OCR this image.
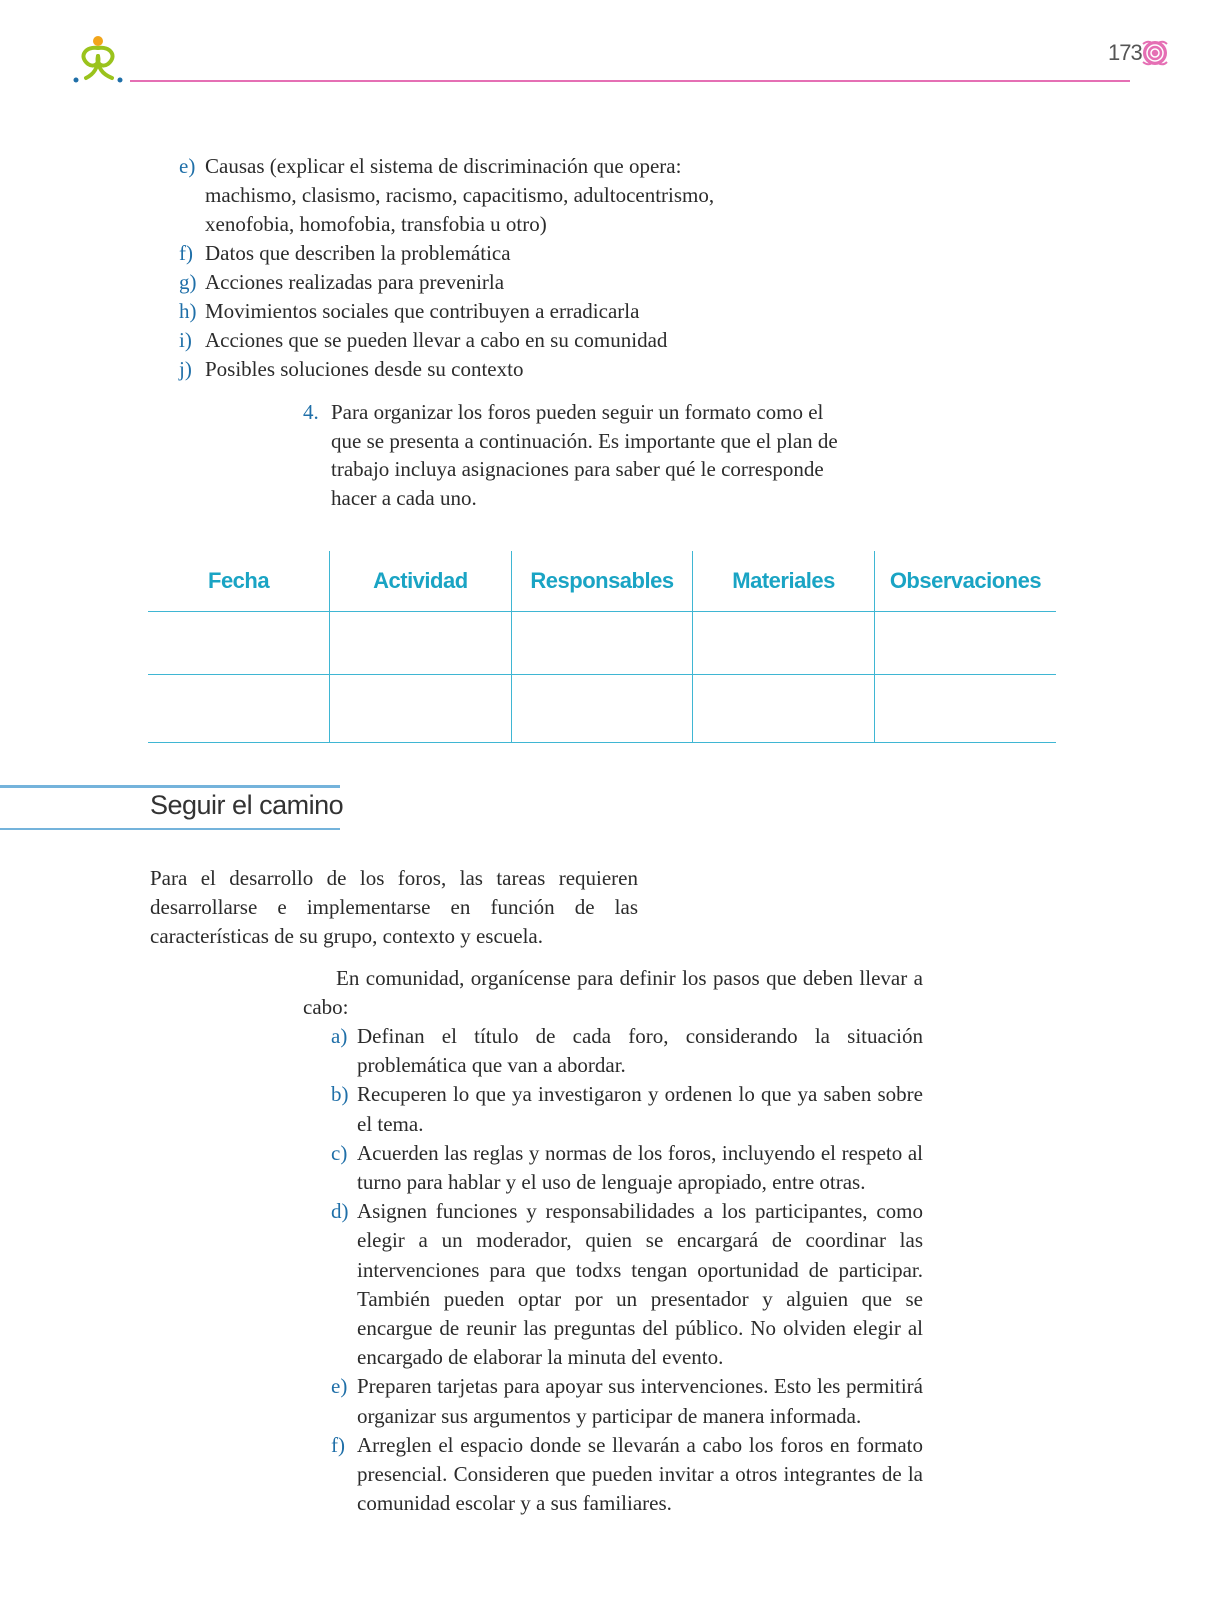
173
e) Causas (explicar el sistema de discriminación que opera: machismo, clasismo, racismo, capacitismo, adultocentrismo, xenofobia, homofobia, transfobia u otro)
f) Datos que describen la problemática
g) Acciones realizadas para prevenirla
h) Movimientos sociales que contribuyen a erradicarla
i) Acciones que se pueden llevar a cabo en su comunidad
j) Posibles soluciones desde su contexto
4. Para organizar los foros pueden seguir un formato como el que se presenta a continuación. Es importante que el plan de trabajo incluya asignaciones para saber qué le corresponde hacer a cada uno.
Fecha	Actividad	Responsables	Materiales	Observaciones

Seguir el camino

Para el desarrollo de los foros, las tareas requieren desarrollarse e implementarse en función de las características de su grupo, contexto y escuela.

En comunidad, organícense para definir los pasos que deben llevar a cabo:

a) Definan el título de cada foro, considerando la situación problemática que van a abordar.
b) Recuperen lo que ya investigaron y ordenen lo que ya saben sobre el tema.
c) Acuerden las reglas y normas de los foros, incluyendo el respeto al turno para hablar y el uso de lenguaje apropiado, entre otras.
d) Asignen funciones y responsabilidades a los participantes, como elegir a un moderador, quien se encargará de coordinar las intervenciones para que todxs tengan oportunidad de participar. También pueden optar por un presentador y alguien que se encargue de reunir las preguntas del público. No olviden elegir al encargado de elaborar la minuta del evento.
e) Preparen tarjetas para apoyar sus intervenciones. Esto les permitirá organizar sus argumentos y participar de manera informada.
f) Arreglen el espacio donde se llevarán a cabo los foros en formato presencial. Consideren que pueden invitar a otros integrantes de la comunidad escolar y a sus familiares.
